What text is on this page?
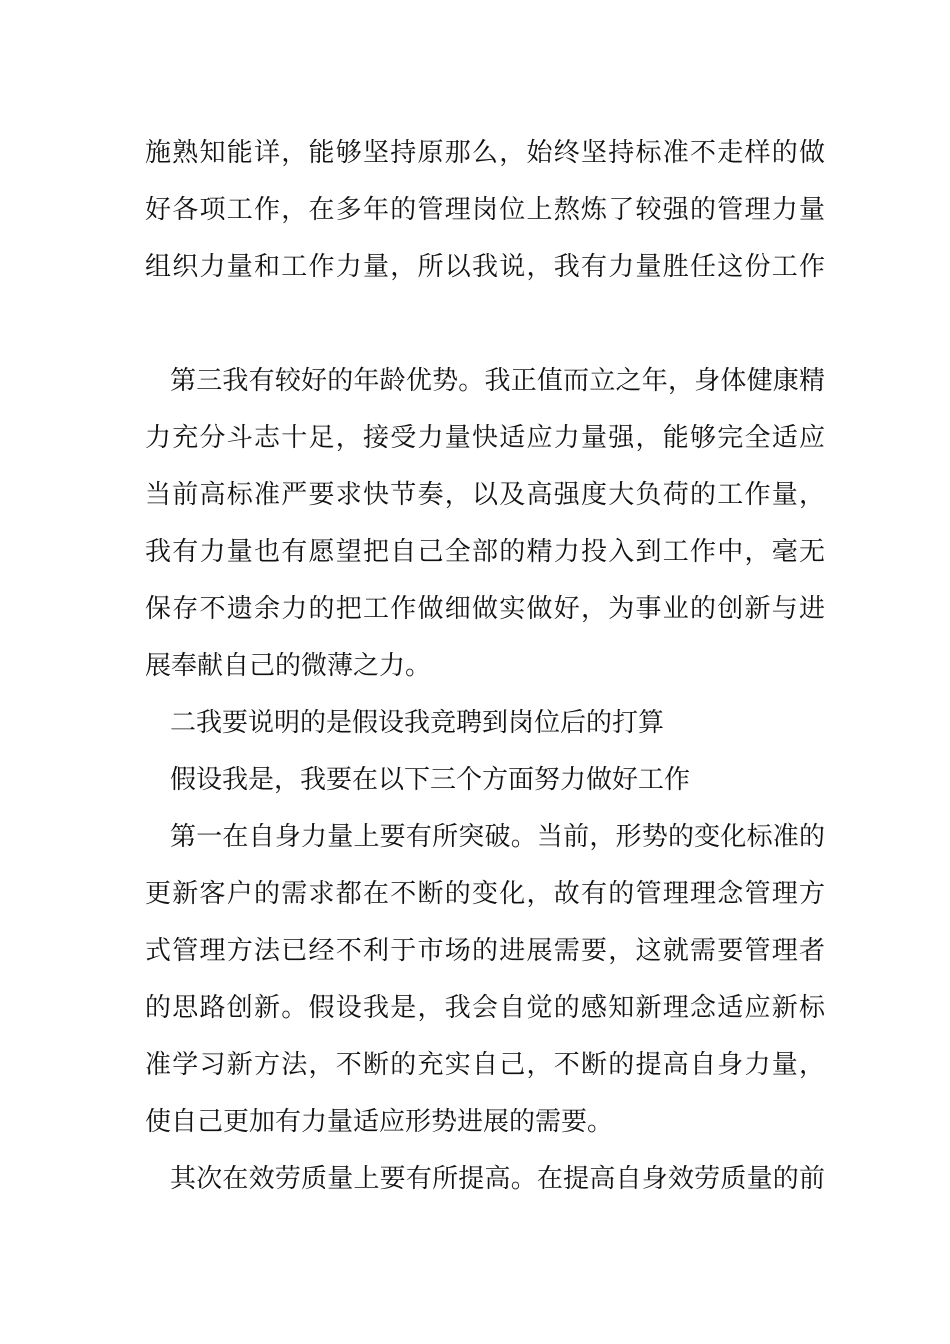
施熟知能详，能够坚持原那么，始终坚持标准不走样的做

好各项工作，在多年的管理岗位上熬炼了较强的管理力量

组织力量和工作力量，所以我说，我有力量胜任这份工作

第三我有较好的年龄优势。我正值而立之年，身体健康精

力充分斗志十足，接受力量快适应力量强，能够完全适应

当前高标准严要求快节奏，以及高强度大负荷的工作量，

我有力量也有愿望把自己全部的精力投入到工作中，毫无

保存不遗余力的把工作做细做实做好，为事业的创新与进

展奉献自己的微薄之力。

二我要说明的是假设我竞聘到岗位后的打算

假设我是，我要在以下三个方面努力做好工作

第一在自身力量上要有所突破。当前，形势的变化标准的

更新客户的需求都在不断的变化，故有的管理理念管理方

式管理方法已经不利于市场的进展需要，这就需要管理者

的思路创新。假设我是，我会自觉的感知新理念适应新标

准学习新方法，不断的充实自己，不断的提高自身力量，

使自己更加有力量适应形势进展的需要。

其次在效劳质量上要有所提高。在提高自身效劳质量的前
